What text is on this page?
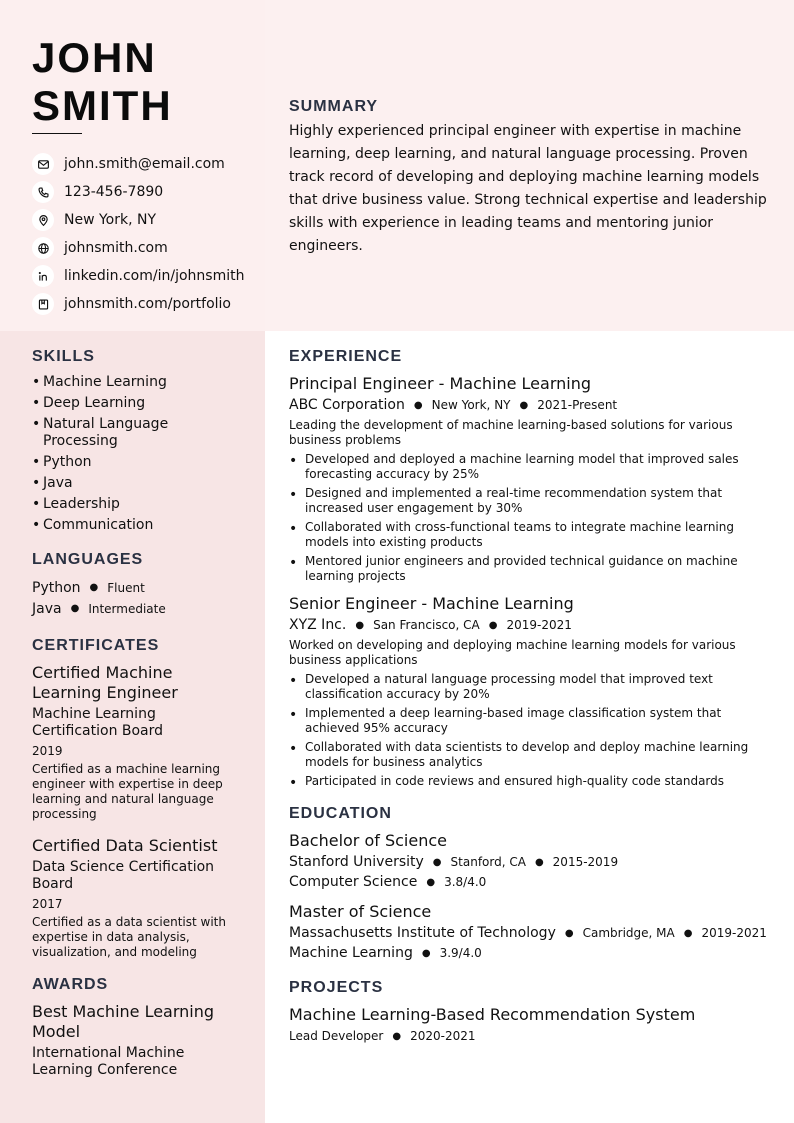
JOHN
SMITH
john.smith@email.com
123-456-7890
New York, NY
johnsmith.com
linkedin.com/in/johnsmith
johnsmith.com/portfolio
SUMMARY

Highly experienced principal engineer with expertise in machine learning, deep learning, and natural language processing. Proven track record of developing and deploying machine learning models that drive business value. Strong technical expertise and leadership skills with experience in leading teams and mentoring junior engineers.

SKILLS
• Machine Learning
• Deep Learning
• Natural Language Processing
• Python
• Java
• Leadership
• Communication
LANGUAGES
Python ● Fluent
Java ● Intermediate
CERTIFICATES
Certified Machine Learning Engineer
Machine Learning Certification Board
2019
Certified as a machine learning engineer with expertise in deep learning and natural language processing
Certified Data Scientist
Data Science Certification Board
2017
Certified as a data scientist with expertise in data analysis, visualization, and modeling
AWARDS
Best Machine Learning Model
International Machine Learning Conference
EXPERIENCE
Principal Engineer - Machine Learning
ABC Corporation ● New York, NY ● 2021-Present
Leading the development of machine learning-based solutions for various business problems
• Developed and deployed a machine learning model that improved sales forecasting accuracy by 25%
• Designed and implemented a real-time recommendation system that increased user engagement by 30%
• Collaborated with cross-functional teams to integrate machine learning models into existing products
• Mentored junior engineers and provided technical guidance on machine learning projects
Senior Engineer - Machine Learning
XYZ Inc. ● San Francisco, CA ● 2019-2021
Worked on developing and deploying machine learning models for various business applications
• Developed a natural language processing model that improved text classification accuracy by 20%
• Implemented a deep learning-based image classification system that achieved 95% accuracy
• Collaborated with data scientists to develop and deploy machine learning models for business analytics
• Participated in code reviews and ensured high-quality code standards
EDUCATION
Bachelor of Science
Stanford University ● Stanford, CA ● 2015-2019
Computer Science ● 3.8/4.0
Master of Science
Massachusetts Institute of Technology ● Cambridge, MA ● 2019-2021
Machine Learning ● 3.9/4.0
PROJECTS
Machine Learning-Based Recommendation System
Lead Developer ● 2020-2021
